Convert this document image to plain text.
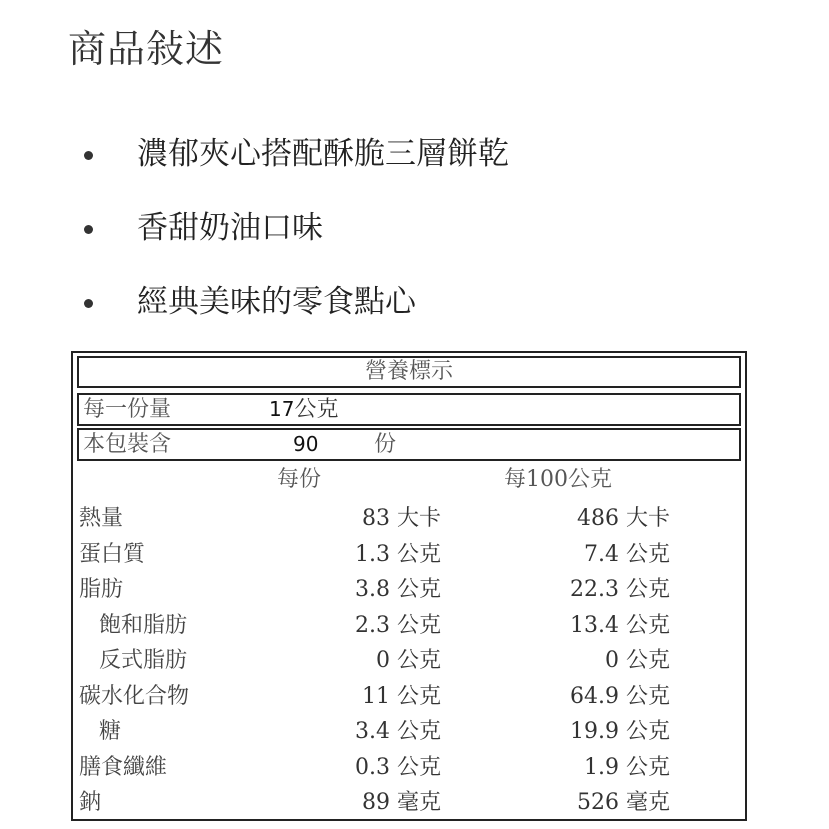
商品敍述
濃郁夾心搭配酥脆三層餅乾
香甜奶油口味
經典美味的零食點心
營養標示
每一份量	17公克
本包裝含	90	份
每份	每100公克
熱量	83 大卡	486 大卡
蛋白質	1.3 公克	7.4 公克
脂肪	3.8 公克	22.3 公克
飽和脂肪	2.3 公克	13.4 公克
反式脂肪	0 公克	0 公克
碳水化合物	11 公克	64.9 公克
糖	3.4 公克	19.9 公克
膳食纖維	0.3 公克	1.9 公克
鈉	89 毫克	526 毫克
